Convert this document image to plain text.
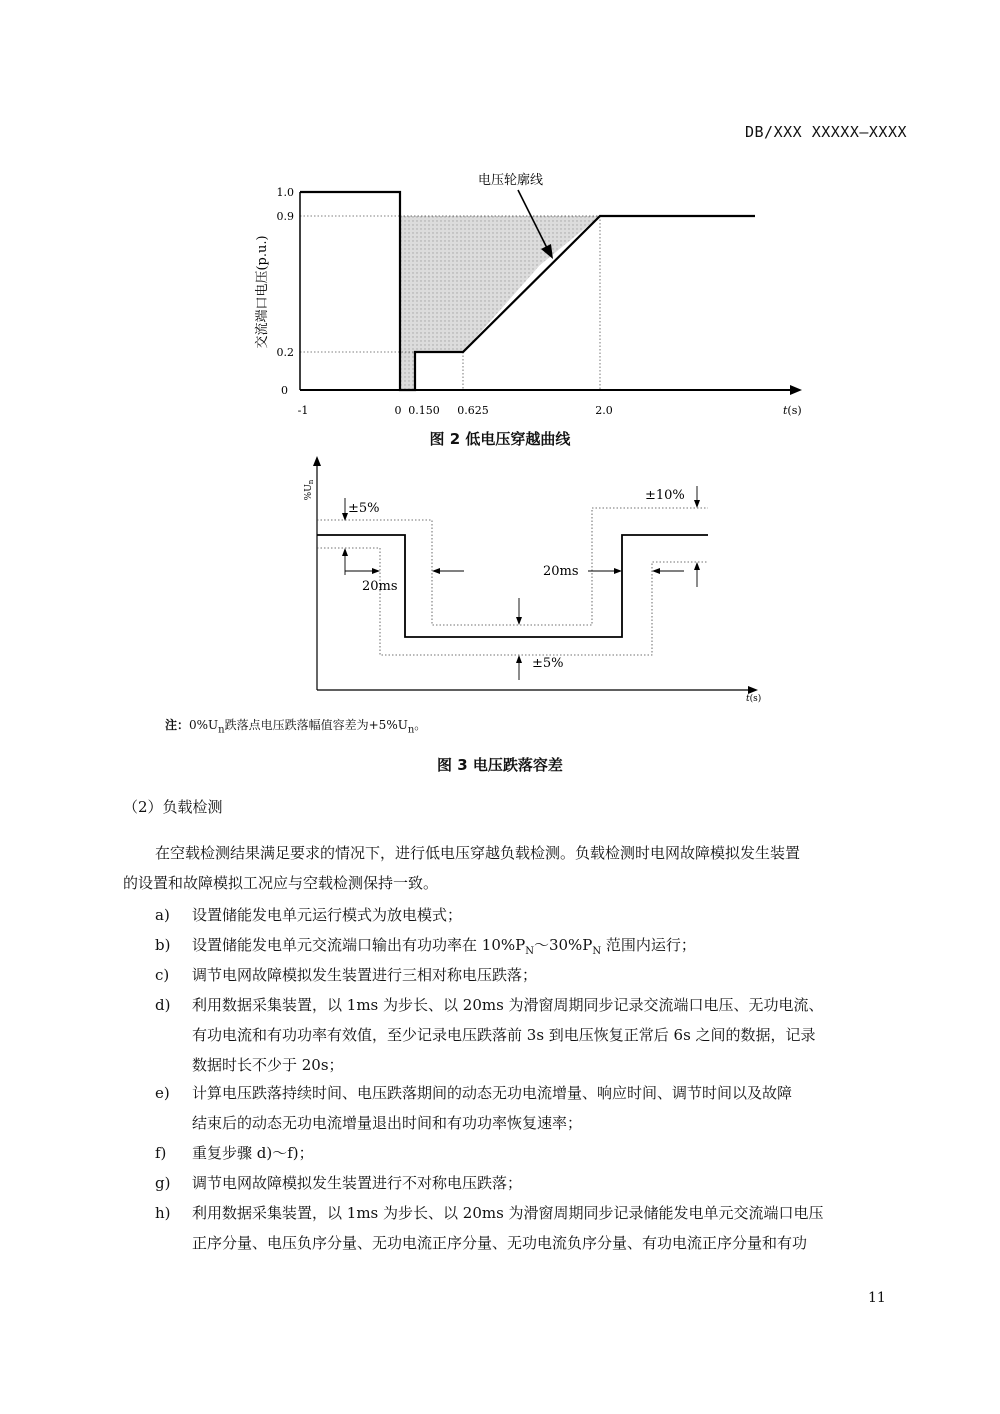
DB/XXX XXXXX—XXXX
1.0
0.9
0.2
0
-1	0 0.150 0.625	2.0	t(s)
电压轮廓线
交流端口电压(p.u.)
图 2 低电压穿越曲线
±5%
±10%
±5%
20ms
20ms
t(s)
$\%U_n$
注：$0\%U_n$跌落点电压跌落幅值容差为$+5\%U_n$。
图 3 电压跌落容差
（2）负载检测
在空载检测结果满足要求的情况下，进行低电压穿越负载检测。负载检测时电网故障模拟发生装置
的设置和故障模拟工况应与空载检测保持一致。
a)	设置储能发电单元运行模式为放电模式；
b)	设置储能发电单元交流端口输出有功功率在 $10\%P_N\sim 30\%P_N$ 范围内运行；
c)	调节电网故障模拟发生装置进行三相对称电压跌落；
d)	利用数据采集装置，以 1ms 为步长、以 20ms 为滑窗周期同步记录交流端口电压、无功电流、
有功电流和有功功率有效值，至少记录电压跌落前 3s 到电压恢复正常后 6s 之间的数据，记录
数据时长不少于 20s；
e)	计算电压跌落持续时间、电压跌落期间的动态无功电流增量、响应时间、调节时间以及故障
结束后的动态无功电流增量退出时间和有功功率恢复速率；
f)	重复步骤 d)～f)；
g)	调节电网故障模拟发生装置进行不对称电压跌落；
h)	利用数据采集装置，以 1ms 为步长、以 20ms 为滑窗周期同步记录储能发电单元交流端口电压
正序分量、电压负序分量、无功电流正序分量、无功电流负序分量、有功电流正序分量和有功
11
